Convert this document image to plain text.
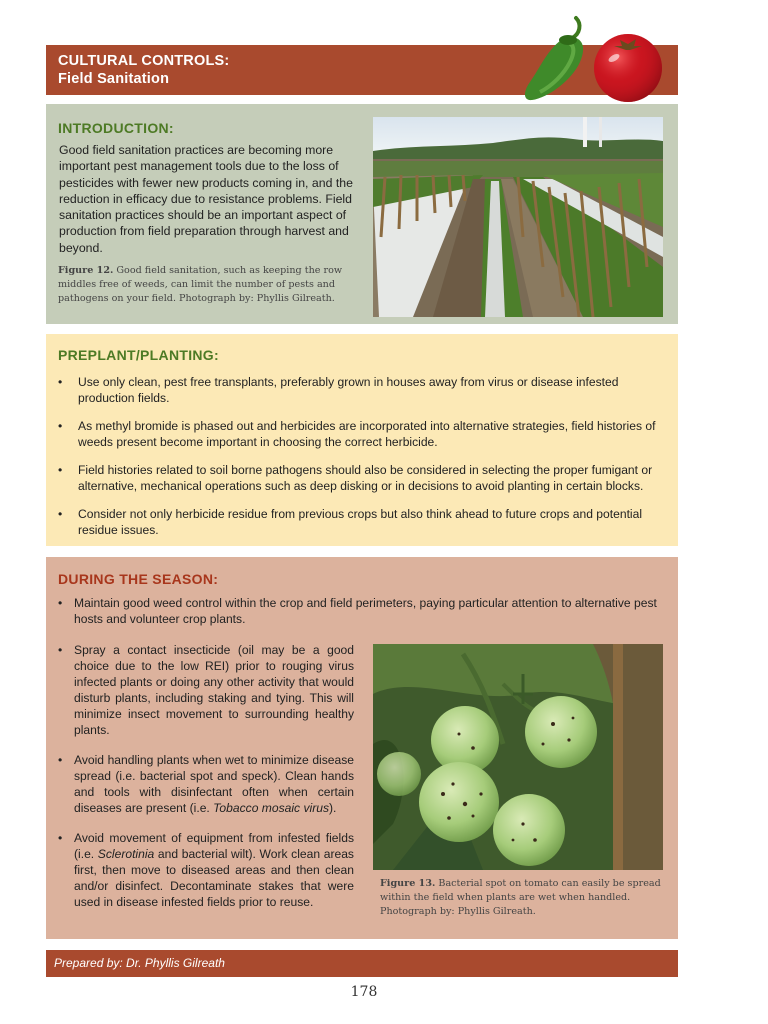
CULTURAL CONTROLS:
Field Sanitation
INTRODUCTION:

Good field sanitation practices are becoming more important pest management tools due to the loss of pesticides with fewer new products coming in, and the reduction in efficacy due to resistance problems. Field sanitation practices should be an important aspect of production from field preparation through harvest and beyond.

Figure 12. Good field sanitation, such as keeping the row middles free of weeds, can limit the number of pests and pathogens on your field. Photograph by: Phyllis Gilreath.

PREPLANT/PLANTING:
• Use only clean, pest free transplants, preferably grown in houses away from virus or disease infested production fields.
• As methyl bromide is phased out and herbicides are incorporated into alternative strategies, field histories of weeds present become important in choosing the correct herbicide.
• Field histories related to soil borne pathogens should also be considered in selecting the proper fumigant or alternative, mechanical operations such as deep disking or in decisions to avoid planting in certain blocks.
• Consider not only herbicide residue from previous crops but also think ahead to future crops and potential residue issues.
DURING THE SEASON:
• Maintain good weed control within the crop and field perimeters, paying particular attention to alternative pest hosts and volunteer crop plants.
• Spray a contact insecticide (oil may be a good choice due to the low REI) prior to rouging virus infected plants or doing any other activity that would disturb plants, including staking and tying. This will minimize insect movement to surrounding healthy plants.
• Avoid handling plants when wet to minimize disease spread (i.e. bacterial spot and speck). Clean hands and tools with disinfectant often when certain diseases are present (i.e. Tobacco mosaic virus).
• Avoid movement of equipment from infested fields (i.e. Sclerotinia and bacterial wilt). Work clean areas first, then move to diseased areas and then clean and/or disinfect. Decontaminate stakes that were used in disease infested fields prior to reuse.

Figure 13. Bacterial spot on tomato can easily be spread within the field when plants are wet when handled. Photograph by: Phyllis Gilreath.

Prepared by: Dr. Phyllis Gilreath
178
